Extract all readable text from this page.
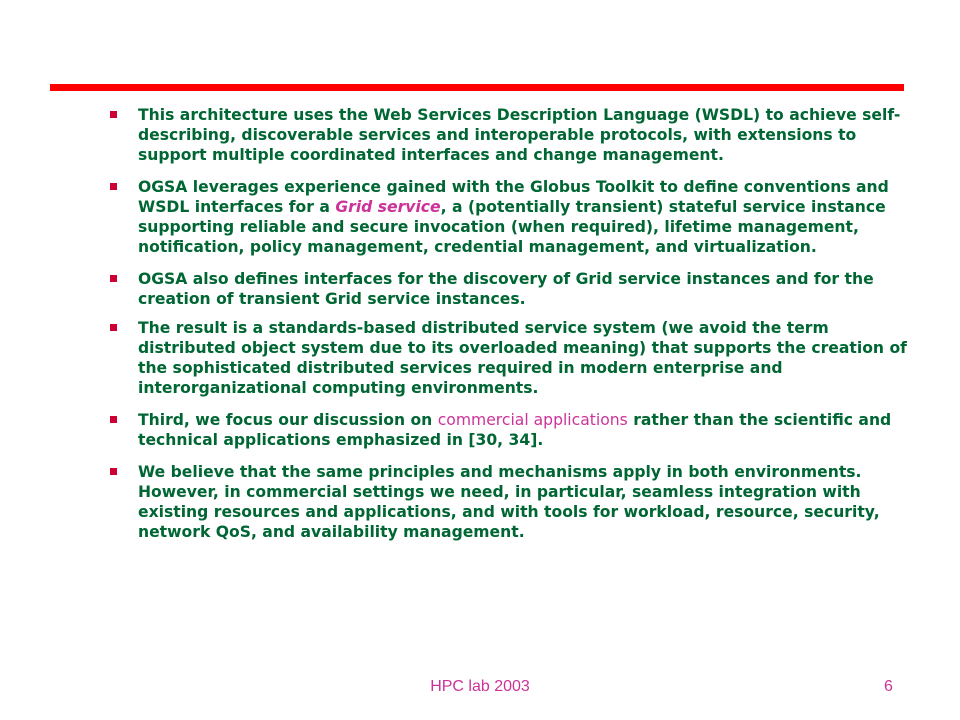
This architecture uses the Web Services Description Language (WSDL) to achieve self-describing, discoverable services and interoperable protocols, with extensions to support multiple coordinated interfaces and change management.
OGSA leverages experience gained with the Globus Toolkit to define conventions and WSDL interfaces for a Grid service, a (potentially transient) stateful service instance supporting reliable and secure invocation (when required), lifetime management, notification, policy management, credential management, and virtualization.
OGSA also defines interfaces for the discovery of Grid service instances and for the creation of transient Grid service instances.
The result is a standards-based distributed service system (we avoid the term distributed object system due to its overloaded meaning) that supports the creation of the sophisticated distributed services required in modern enterprise and interorganizational computing environments.
Third, we focus our discussion on commercial applications rather than the scientific and technical applications emphasized in [30, 34].
We believe that the same principles and mechanisms apply in both environments. However, in commercial settings we need, in particular, seamless integration with existing resources and applications, and with tools for workload, resource, security, network QoS, and availability management.
HPC lab 2003	6
